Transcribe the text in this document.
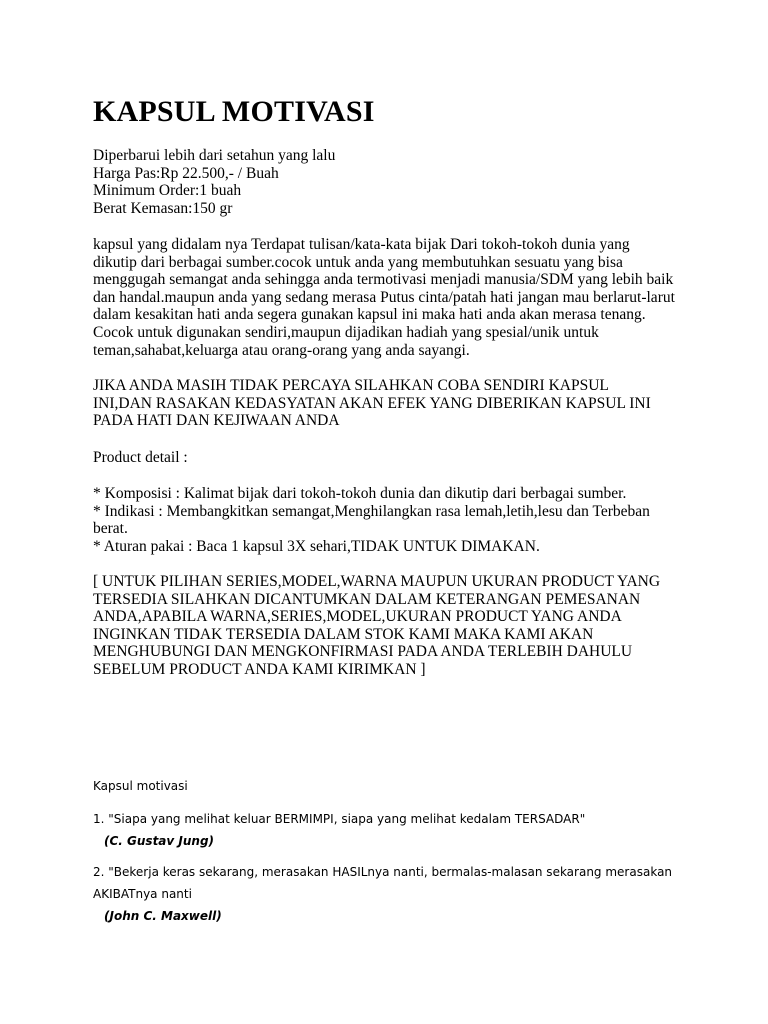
KAPSUL MOTIVASI
Diperbarui lebih dari setahun yang lalu
Harga Pas:Rp 22.500,- / Buah
Minimum Order:1 buah
Berat Kemasan:150 gr
kapsul yang didalam nya Terdapat tulisan/kata-kata bijak Dari tokoh-tokoh dunia yang
dikutip dari berbagai sumber.cocok untuk anda yang membutuhkan sesuatu yang bisa
menggugah semangat anda sehingga anda termotivasi menjadi manusia/SDM yang lebih baik
dan handal.maupun anda yang sedang merasa Putus cinta/patah hati jangan mau berlarut-larut
dalam kesakitan hati anda segera gunakan kapsul ini maka hati anda akan merasa tenang.
Cocok untuk digunakan sendiri,maupun dijadikan hadiah yang spesial/unik untuk
teman,sahabat,keluarga atau orang-orang yang anda sayangi.
JIKA ANDA MASIH TIDAK PERCAYA SILAHKAN COBA SENDIRI KAPSUL
INI,DAN RASAKAN KEDASYATAN AKAN EFEK YANG DIBERIKAN KAPSUL INI
PADA HATI DAN KEJIWAAN ANDA
Product detail :
* Komposisi : Kalimat bijak dari tokoh-tokoh dunia dan dikutip dari berbagai sumber.
* Indikasi : Membangkitkan semangat,Menghilangkan rasa lemah,letih,lesu dan Terbeban berat.
* Aturan pakai : Baca 1 kapsul 3X sehari,TIDAK UNTUK DIMAKAN.
[ UNTUK PILIHAN SERIES,MODEL,WARNA MAUPUN UKURAN PRODUCT YANG
TERSEDIA SILAHKAN DICANTUMKAN DALAM KETERANGAN PEMESANAN
ANDA,APABILA WARNA,SERIES,MODEL,UKURAN PRODUCT YANG ANDA
INGINKAN TIDAK TERSEDIA DALAM STOK KAMI MAKA KAMI AKAN
MENGHUBUNGI DAN MENGKONFIRMASI PADA ANDA TERLEBIH DAHULU
SEBELUM PRODUCT ANDA KAMI KIRIMKAN ]
Kapsul motivasi
1. "Siapa yang melihat keluar BERMIMPI, siapa yang melihat kedalam TERSADAR"
(C. Gustav Jung)
2. "Bekerja keras sekarang, merasakan HASILnya nanti, bermalas-malasan sekarang merasakan
AKIBATnya nanti
(John C. Maxwell)
